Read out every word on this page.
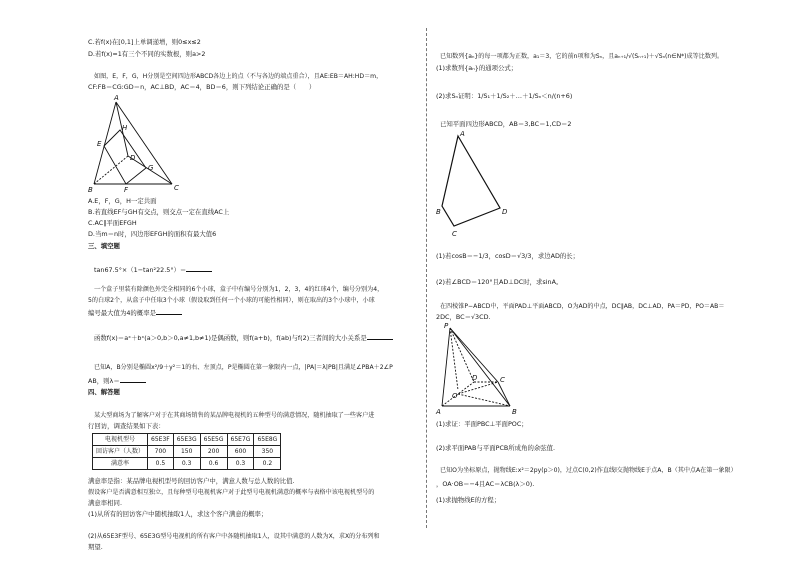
C.若f(x)在[0,1]上单调递增，则0≤x≤2
D.若f(x)=1有三个不同的实数根，则a>2
如图，E，F，G，H分别是空间四边形ABCD各边上的点（不与各边的端点重合），且AE:EB＝AH:HD＝m，
CF:FB＝CG:GD＝n，AC⊥BD，AC＝4，BD＝6，则下列结论正确的是（　　）
A
B	C
D
E
F
G
H
A.E，F，G，H一定共面
B.若直线EF与GH有交点，则交点一定在直线AC上
C.AC∥平面EFGH
D.当m＝n时，四边形EFGH的面积有最大值6
三、填空题
tan67.5°×（1−tan²22.5°）＝
一个盒子里装有除颜色外完全相同的6个小球，盒子中有编号分别为1，2，3，4的红球4个，编号分别为4，
5的白球2个，从盒子中任取3个小球（假设取到任何一个小球的可能性相同），则在取出的3个小球中，小球
编号最大值为4的概率是
函数f(x)＝aˣ＋bˣ(a＞0,b＞0,a≠1,b≠1)是偶函数，则f(a+b)，f(ab)与f(2)三者间的大小关系是
已知A，B分别是椭圆x²/9＋y²＝1的右、左顶点，P是椭圆在第一象限内一点，|PA|＝λ|PB|且满足∠PBA＋2∠P
AB，则λ＝
四、解答题
某大型商场为了解客户对于在其商场销售的某品牌电视机的五种型号的满意情况，随机抽取了一些客户进
行回访，调查结果如下表：
电视机型号	65E3F	65E3G	65E5G	65E7G	65E8G
回访客户（人数）	700	150	200	600	350
满意率	0.5	0.3	0.6	0.3	0.2
满意率是指：某品牌电视机型号的回访客户中，满意人数与总人数的比值.
假设客户是否满意相互独立，且每种型号电视机客户对于此型号电视机满意的概率与表格中该电视机型号的
满意率相同.
(1)从所有的回访客户中随机抽取1人，求这个客户满意的概率；
(2)从65E3F型号、65E3G型号电视机的所有客户中各随机抽取1人，设其中满意的人数为X，求X的分布列和
期望.
已知数列{aₙ}的每一项都为正数，a₁＝3，它的前n项和为Sₙ，且aₙ₊₁/√(Sₙ₊₁)＋√Sₙ(n∈N*)成等比数列。
(1)求数列{aₙ}的通项公式；
(2)求Sₙ证明：1/S₁＋1/S₂＋…＋1/Sₙ＜n/(n+6)
已知平面四边形ABCD，AB＝3,BC＝1,CD＝2
A
B
C
D
(1)若cosB＝−1/3，cosD＝√3/3，求边AD的长；
(2)若∠BCD＝120°且AD⊥DC时，求sinA。
在四棱锥P−ABCD中，平面PAD⊥平面ABCD，O为AD的中点，DC∥AB，DC⊥AD，PA＝PD，PO＝AB＝
2DC，BC＝√3CD.
P
A	B
C
D
O
(1)求证：平面PBC⊥平面POC；
(2)求平面PAB与平面PCB所成角的余弦值.
已知O为坐标原点，抛物线E:x²＝2py(p＞0)，过点C(0,2)作直线l交抛物线E于点A，B（其中点A在第一象限）
，OA·OB＝−4且AC＝λCB(λ＞0).
(1)求抛物线E的方程；
